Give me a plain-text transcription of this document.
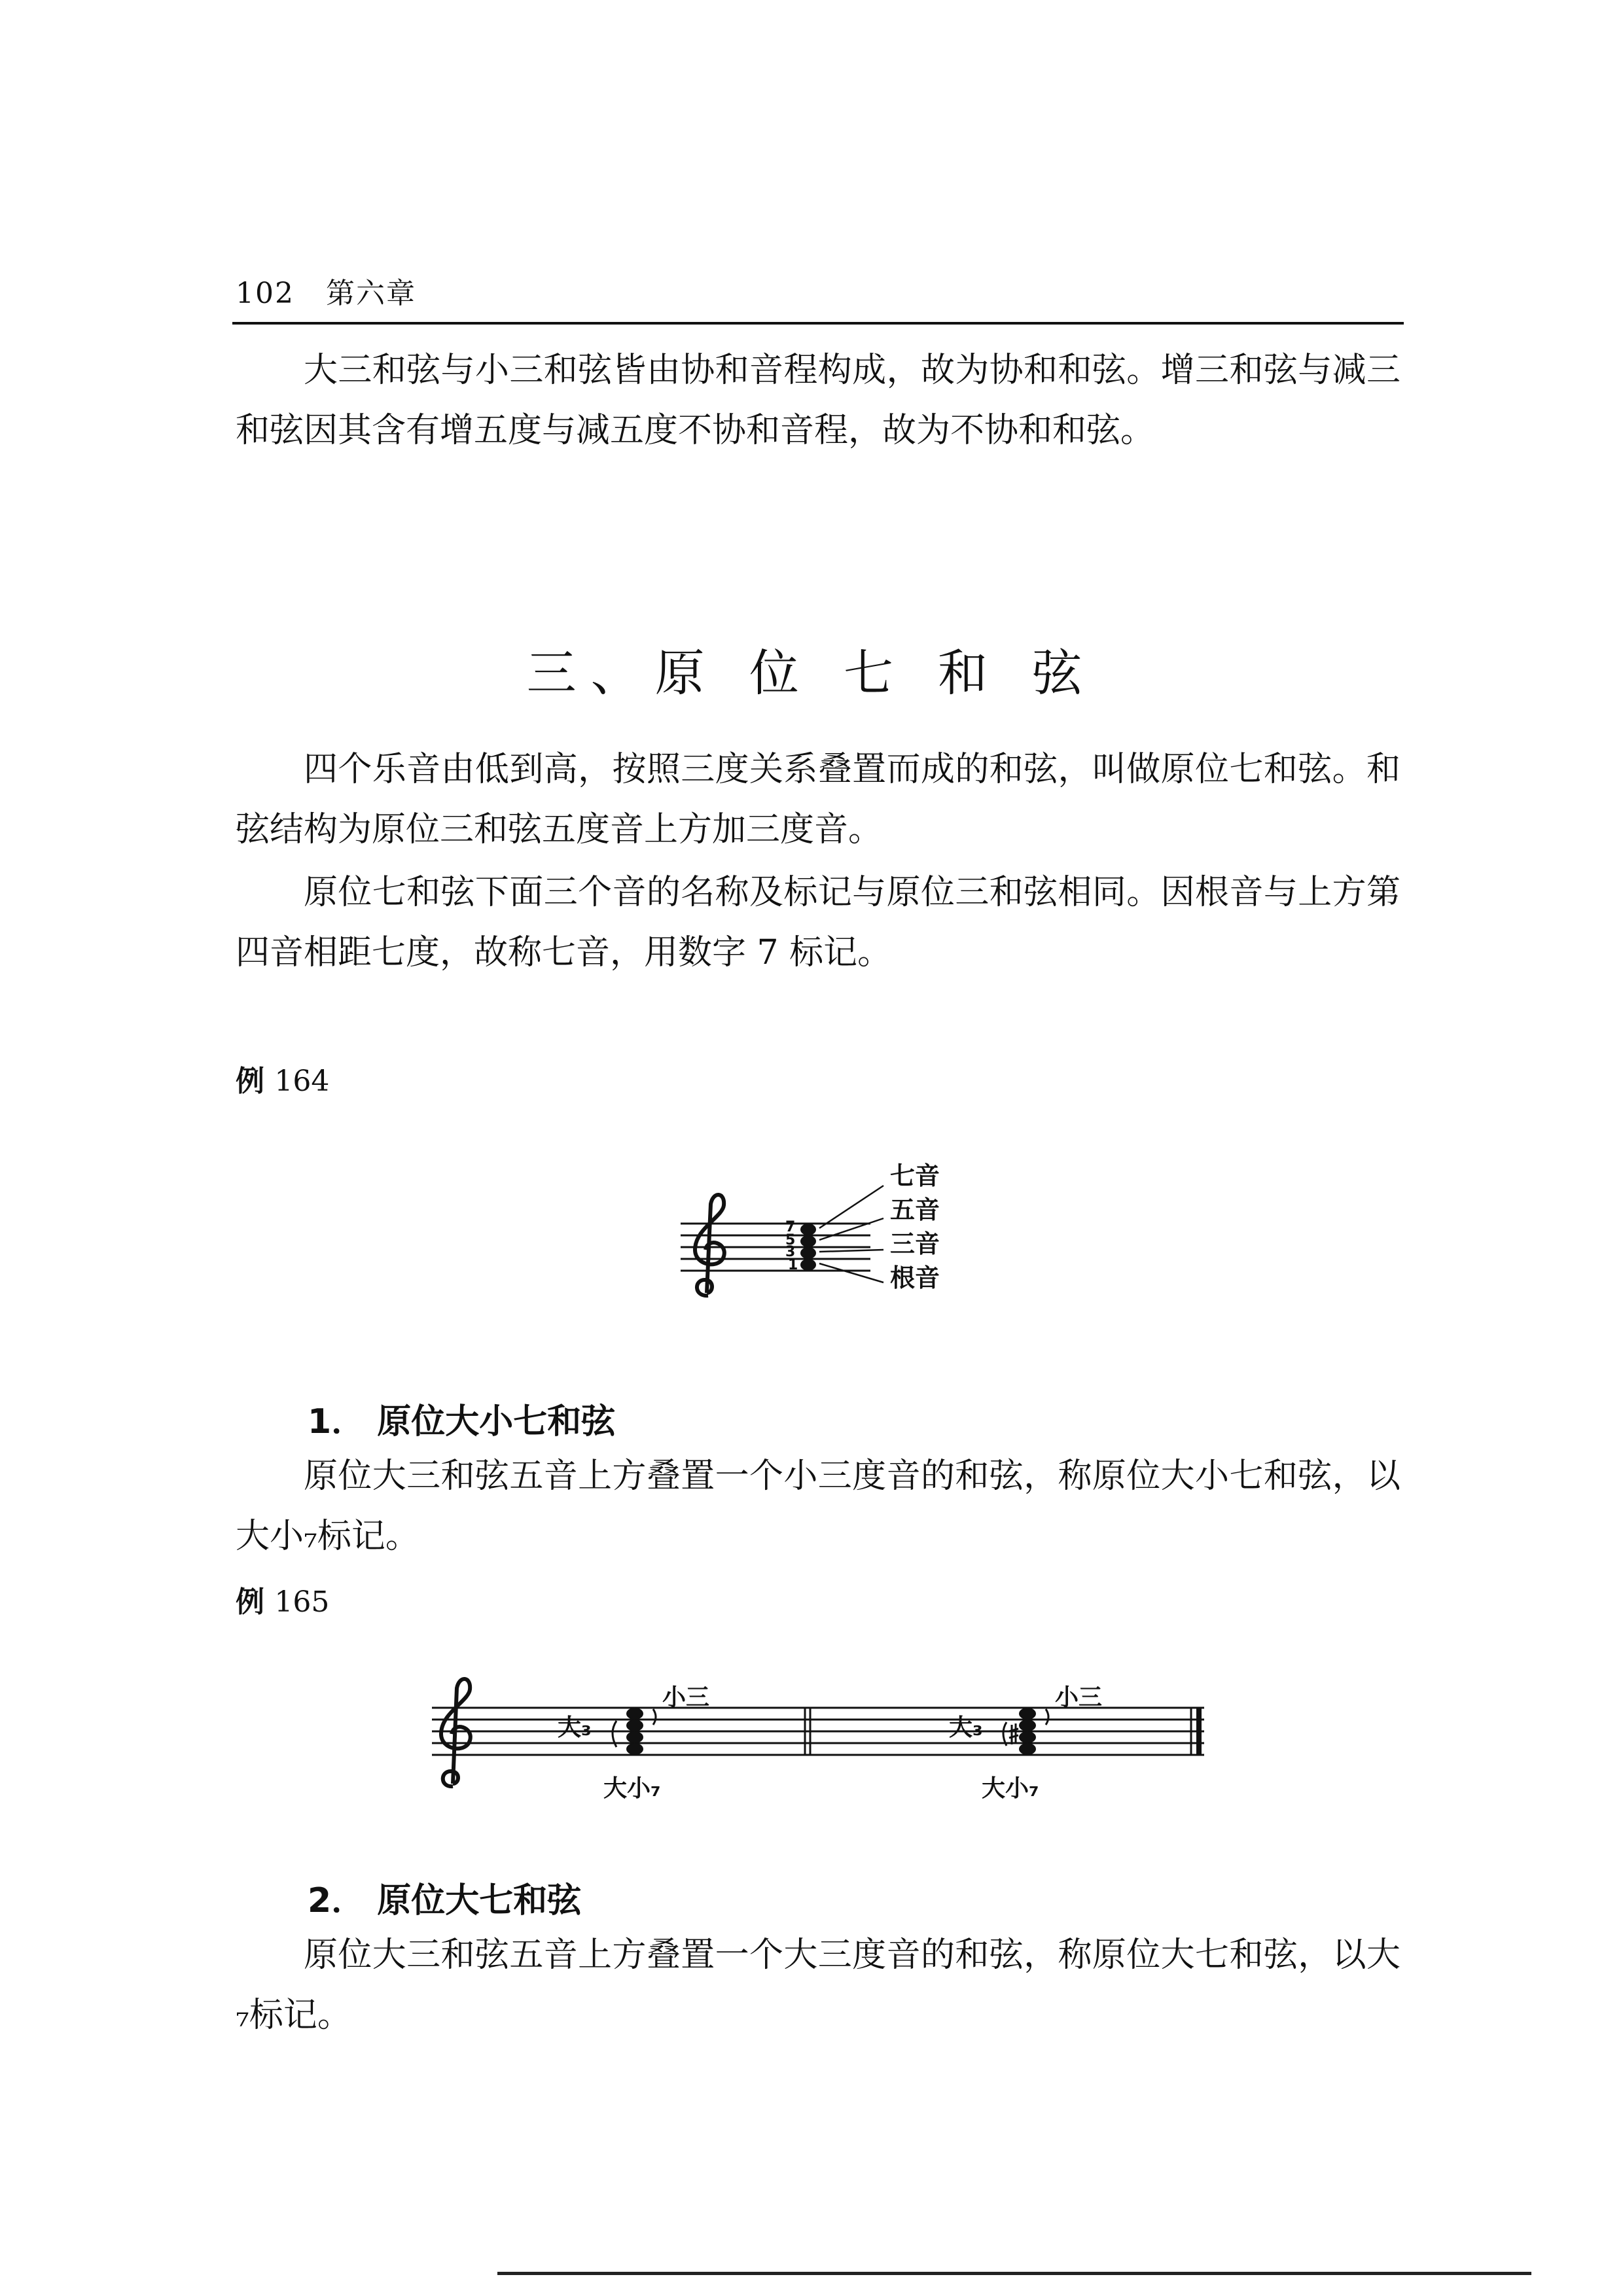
102 第六章
大三和弦与小三和弦皆由协和音程构成，故为协和和弦。增三和弦与减三和弦因其含有增五度与减五度不协和音程，故为不协和和弦。
三、原 位 七 和 弦
四个乐音由低到高，按照三度关系叠置而成的和弦，叫做原位七和弦。和弦结构为原位三和弦五度音上方加三度音。
原位七和弦下面三个音的名称及标记与原位三和弦相同。因根音与上方第四音相距七度，故称七音，用数字 7 标记。
例 164
7
5
3
1
七音
五音
三音
根音
1． 原位大小七和弦
原位大三和弦五音上方叠置一个小三度音的和弦，称原位大小七和弦，以大小₇标记。
例 165
大₃
小三
大小₇
大₃
小三
大小₇
2． 原位大七和弦
原位大三和弦五音上方叠置一个大三度音的和弦，称原位大七和弦，以大₇标记。
